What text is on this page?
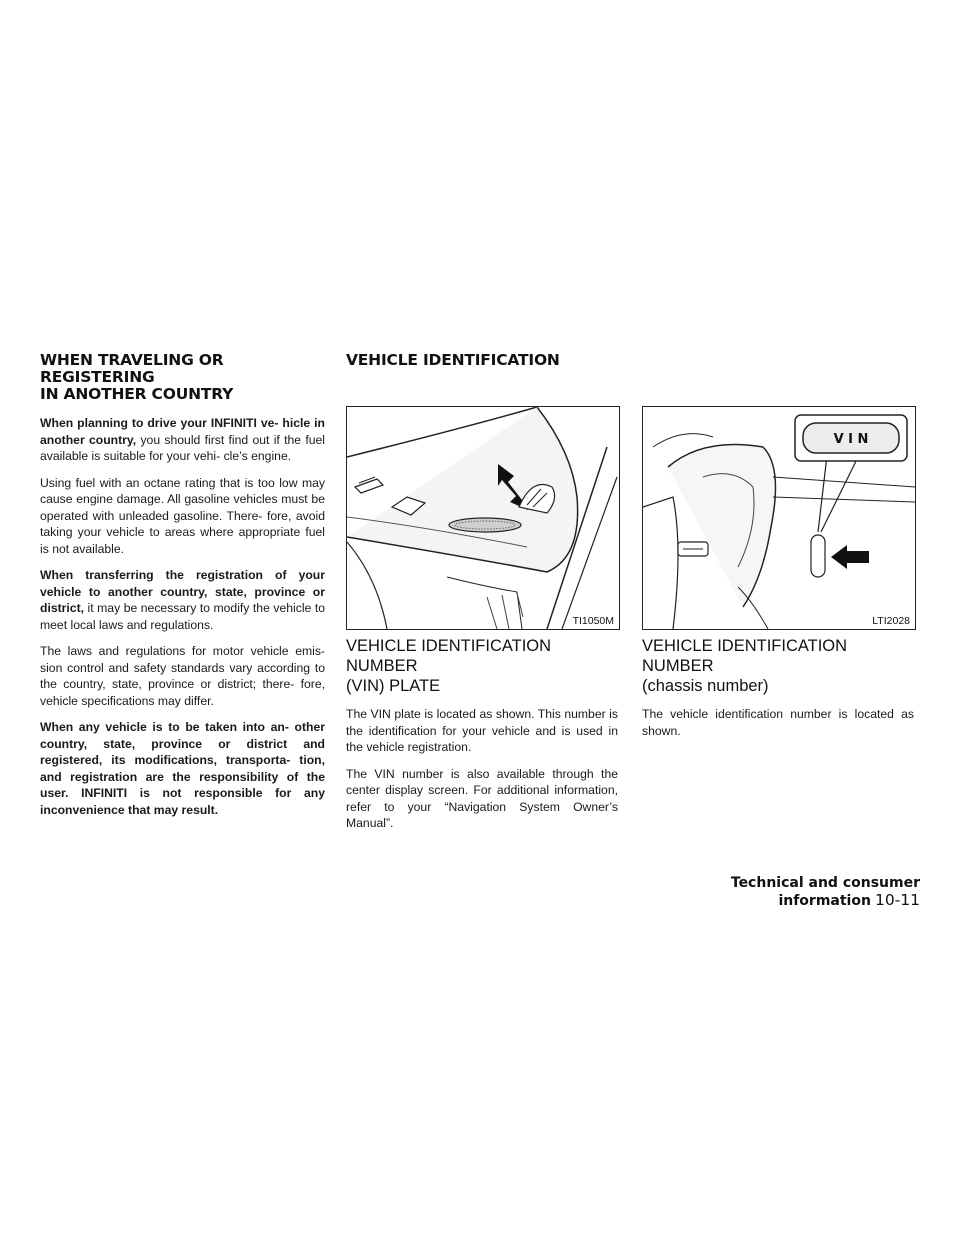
WHEN TRAVELING OR REGISTERING
IN ANOTHER COUNTRY

When planning to drive your INFINITI ve- hicle in another country, you should first find out if the fuel available is suitable for your vehi- cle’s engine.

Using fuel with an octane rating that is too low may cause engine damage. All gasoline vehicles must be operated with unleaded gasoline. There- fore, avoid taking your vehicle to areas where appropriate fuel is not available.

When transferring the registration of your vehicle to another country, state, province or district, it may be necessary to modify the vehicle to meet local laws and regulations.

The laws and regulations for motor vehicle emis- sion control and safety standards vary according to the country, state, province or district; there- fore, vehicle specifications may differ.

When any vehicle is to be taken into an- other country, state, province or district and registered, its modifications, transporta- tion, and registration are the responsibility of the user. INFINITI is not responsible for any inconvenience that may result.

VEHICLE IDENTIFICATION
TI1050M
VEHICLE IDENTIFICATION NUMBER
(VIN) PLATE

The VIN plate is located as shown. This number is the identification for your vehicle and is used in the vehicle registration.

The VIN number is also available through the center display screen. For additional information, refer to your “Navigation System Owner’s Manual”.

V I N
LTI2028
VEHICLE IDENTIFICATION NUMBER
(chassis number)

The vehicle identification number is located as shown.

Technical and consumer information 10-11
